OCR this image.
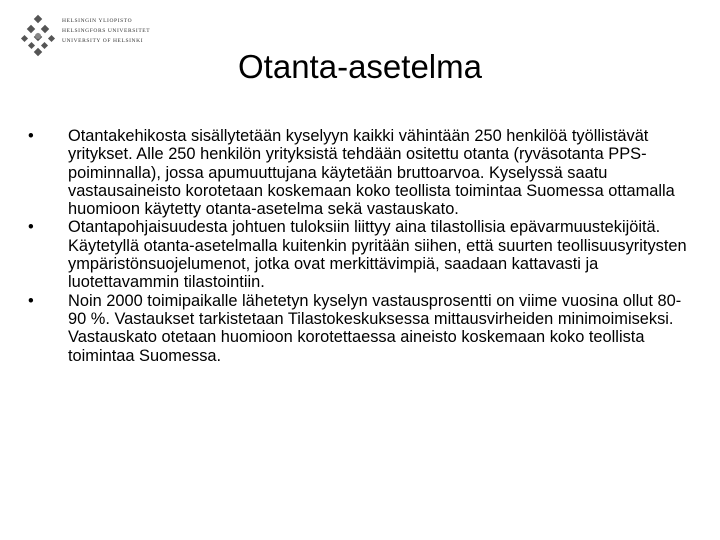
HELSINGIN YLIOPISTO
HELSINGFORS UNIVERSITET
UNIVERSITY OF HELSINKI
Otanta-asetelma
•	Otantakehikosta sisällytetään kyselyyn kaikki vähintään 250 henkilöä työllistävät yritykset. Alle 250 henkilön yrityksistä tehdään ositettu otanta (ryväsotanta PPS-poiminnalla), jossa apumuuttujana käytetään bruttoarvoa. Kyselyssä saatu vastausaineisto korotetaan koskemaan koko teollista toimintaa Suomessa ottamalla huomioon käytetty otanta-asetelma sekä vastauskato.
•	Otantapohjaisuudesta johtuen tuloksiin liittyy aina tilastollisia epävarmuustekijöitä. Käytetyllä otanta-asetelmalla kuitenkin pyritään siihen, että suurten teollisuusyritysten ympäristönsuojelumenot, jotka ovat merkittävimpiä, saadaan kattavasti ja luotettavammin tilastointiin.
•	Noin 2000 toimipaikalle lähetetyn kyselyn vastausprosentti on viime vuosina ollut 80-90 %. Vastaukset tarkistetaan Tilastokeskuksessa mittausvirheiden minimoimiseksi. Vastauskato otetaan huomioon korotettaessa aineisto koskemaan koko teollista toimintaa Suomessa.
